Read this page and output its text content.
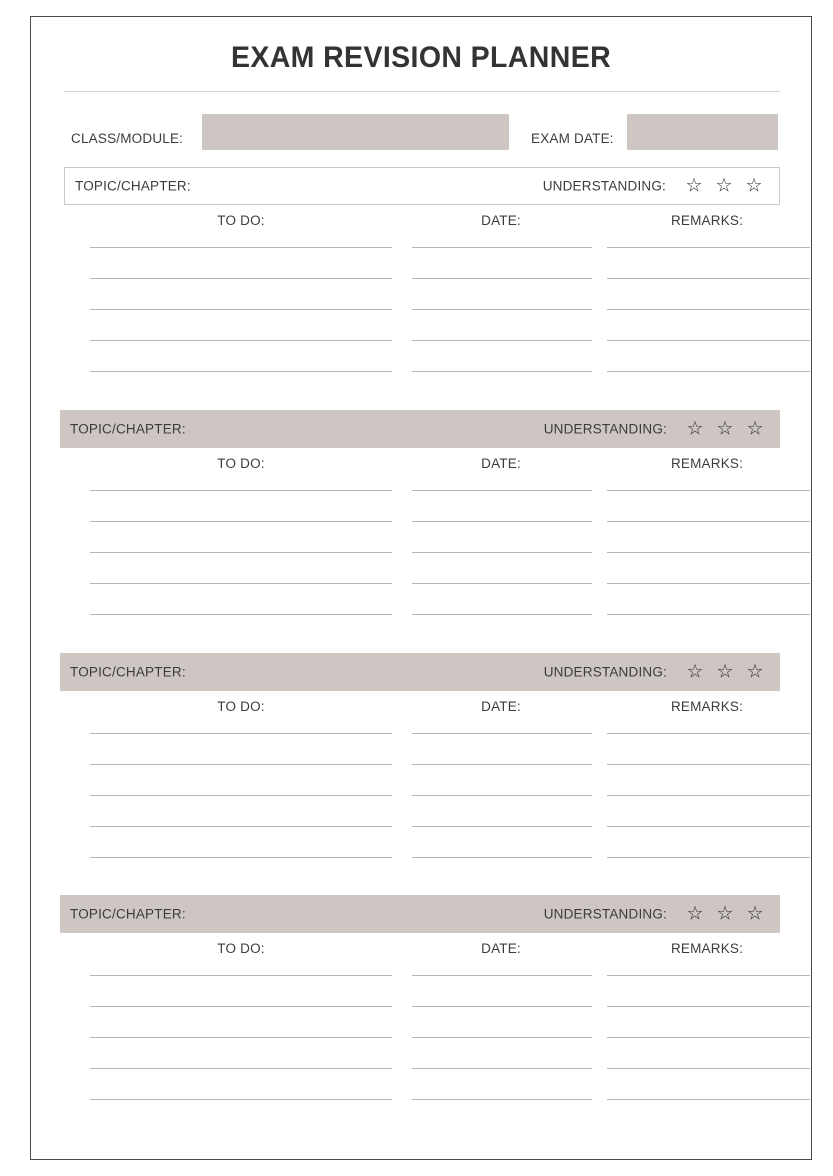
EXAM REVISION PLANNER
CLASS/MODULE:	EXAM DATE:
TOPIC/CHAPTER:	UNDERSTANDING:	☆ ☆ ☆
TO DO:	DATE:	REMARKS:
TOPIC/CHAPTER:	UNDERSTANDING:	☆ ☆ ☆
TO DO:	DATE:	REMARKS:
TOPIC/CHAPTER:	UNDERSTANDING:	☆ ☆ ☆
TO DO:	DATE:	REMARKS:
TOPIC/CHAPTER:	UNDERSTANDING:	☆ ☆ ☆
TO DO:	DATE:	REMARKS:
